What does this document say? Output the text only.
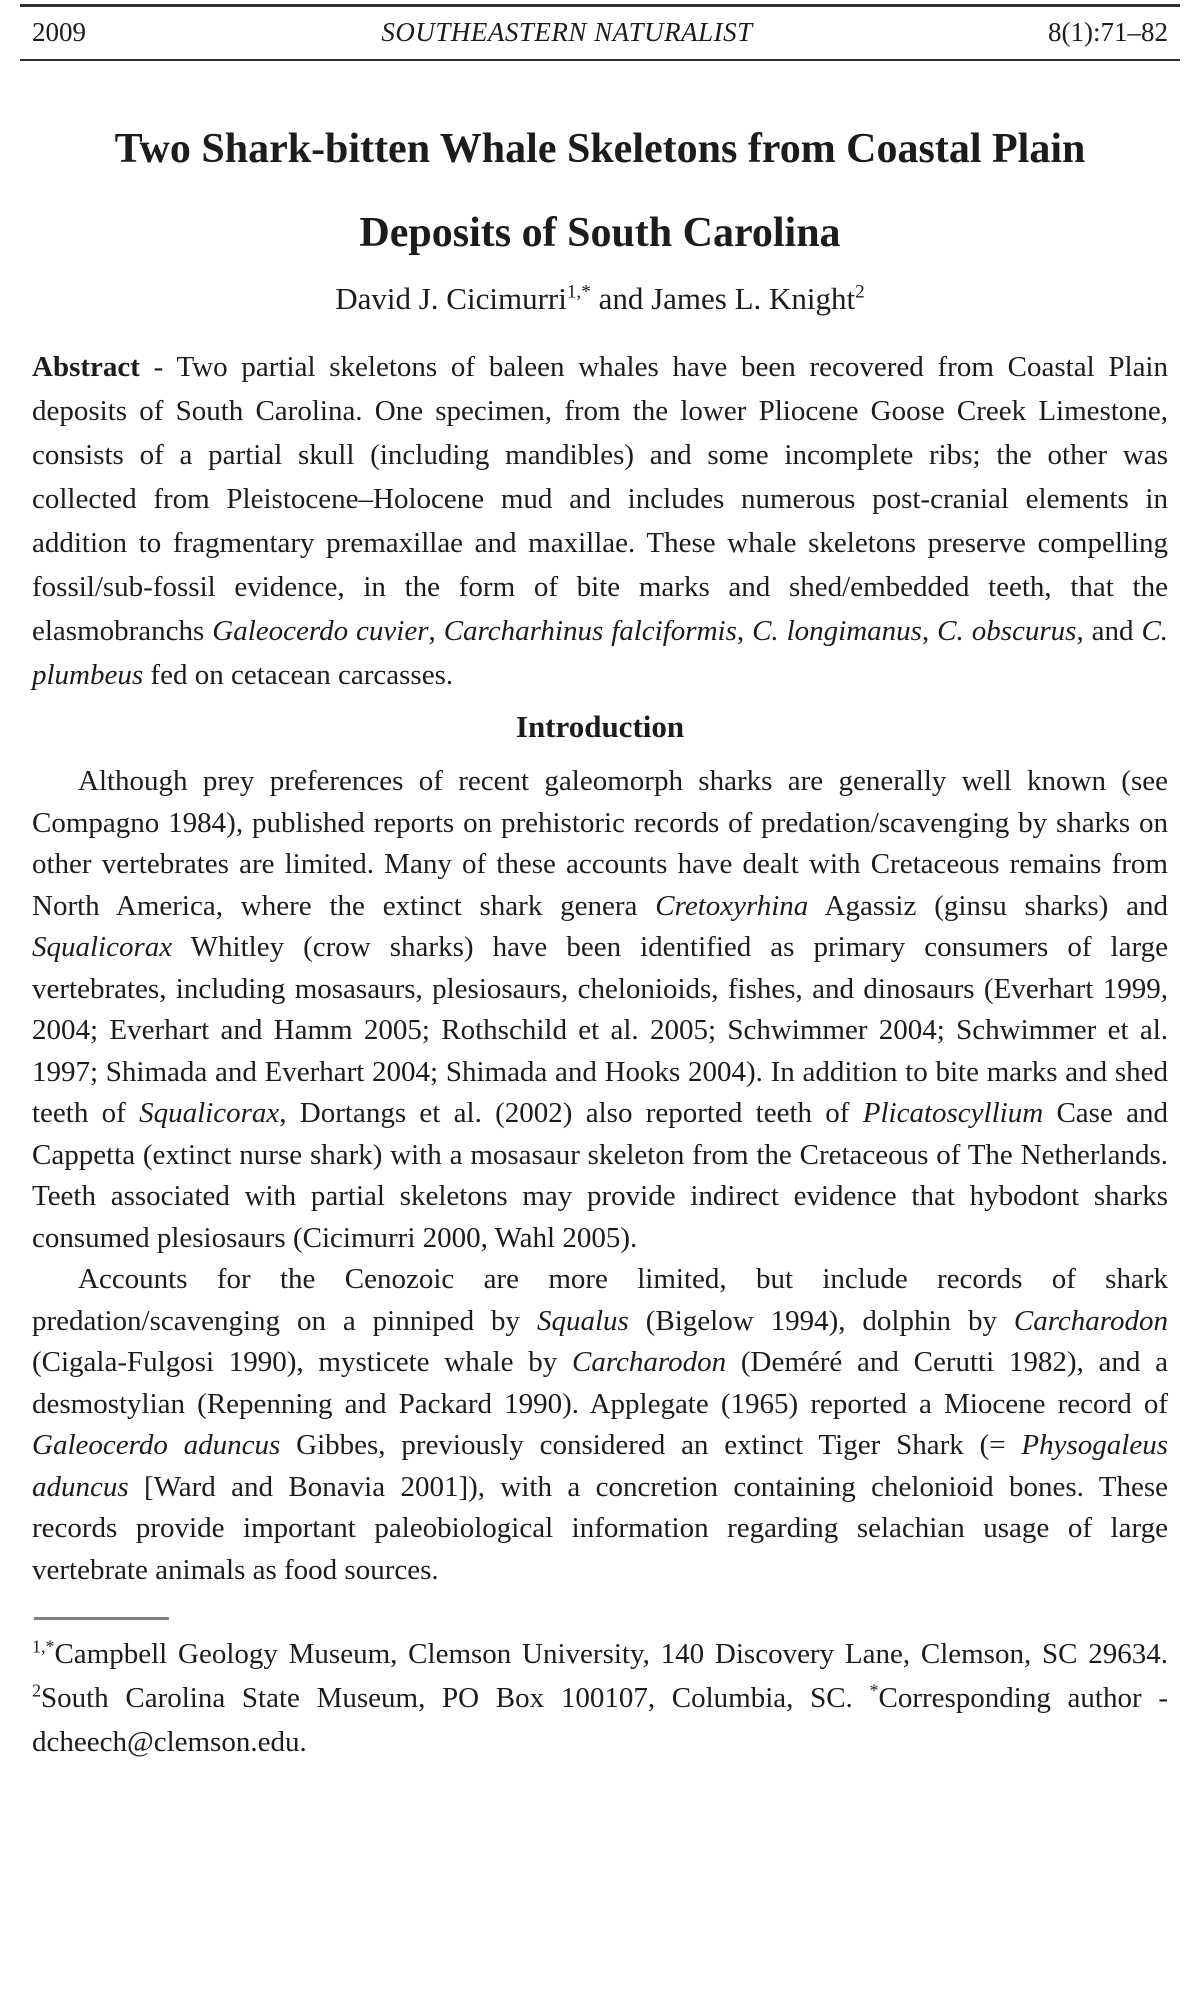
2009	SOUTHEASTERN NATURALIST	8(1):71–82
Two Shark-bitten Whale Skeletons from Coastal Plain
Deposits of South Carolina
David J. Cicimurri$^{1,*}$ and James L. Knight$^2$

Abstract - Two partial skeletons of baleen whales have been recovered from Coastal Plain deposits of South Carolina. One specimen, from the lower Pliocene Goose Creek Limestone, consists of a partial skull (including mandibles) and some incomplete ribs; the other was collected from Pleistocene–Holocene mud and includes numerous post-cranial elements in addition to fragmentary premaxillae and maxillae. These whale skeletons preserve compelling fossil/sub-fossil evidence, in the form of bite marks and shed/embedded teeth, that the elasmobranchs Galeocerdo cuvier, Carcharhinus falciformis, C. longimanus, C. obscurus, and C. plumbeus fed on cetacean carcasses.

Introduction

Although prey preferences of recent galeomorph sharks are generally well known (see Compagno 1984), published reports on prehistoric records of predation/scavenging by sharks on other vertebrates are limited. Many of these accounts have dealt with Cretaceous remains from North America, where the extinct shark genera Cretoxyrhina Agassiz (ginsu sharks) and Squalicorax Whitley (crow sharks) have been identified as primary consumers of large vertebrates, including mosasaurs, plesiosaurs, chelonioids, fishes, and dinosaurs (Everhart 1999, 2004; Everhart and Hamm 2005; Rothschild et al. 2005; Schwimmer 2004; Schwimmer et al. 1997; Shimada and Everhart 2004; Shimada and Hooks 2004). In addition to bite marks and shed teeth of Squalicorax, Dortangs et al. (2002) also reported teeth of Plicatoscyllium Case and Cappetta (extinct nurse shark) with a mosasaur skeleton from the Cretaceous of The Netherlands. Teeth associated with partial skeletons may provide indirect evidence that hybodont sharks consumed plesiosaurs (Cicimurri 2000, Wahl 2005).

Accounts for the Cenozoic are more limited, but include records of shark predation/scavenging on a pinniped by Squalus (Bigelow 1994), dolphin by Carcharodon (Cigala-Fulgosi 1990), mysticete whale by Carcharodon (Deméré and Cerutti 1982), and a desmostylian (Repenning and Packard 1990). Applegate (1965) reported a Miocene record of Galeocerdo aduncus Gibbes, previously considered an extinct Tiger Shark (= Physogaleus aduncus [Ward and Bonavia 2001]), with a concretion containing chelonioid bones. These records provide important paleobiological information regarding selachian usage of large vertebrate animals as food sources.

$^{1,*}$Campbell Geology Museum, Clemson University, 140 Discovery Lane, Clemson, SC 29634. $^2$South Carolina State Museum, PO Box 100107, Columbia, SC. *Corresponding author - dcheech@clemson.edu.
